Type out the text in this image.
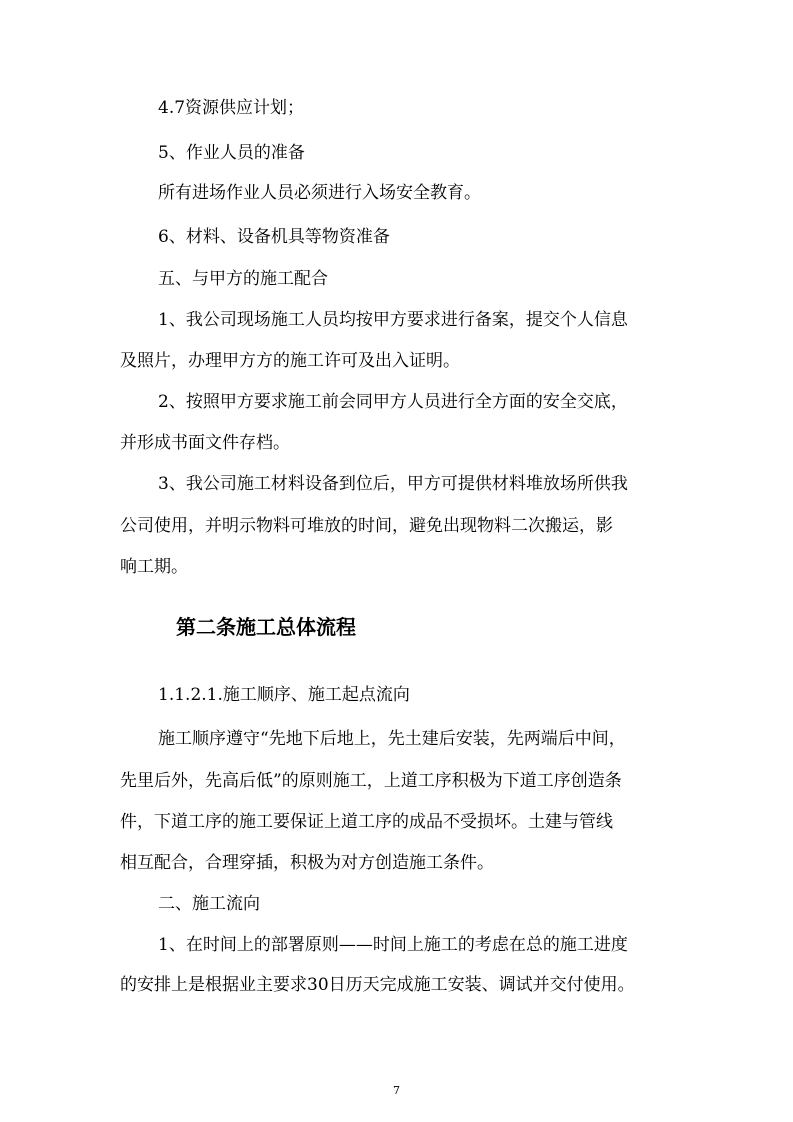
4.7资源供应计划；

5、作业人员的准备

所有进场作业人员必须进行入场安全教育。

6、材料、设备机具等物资准备

五、与甲方的施工配合

1、我公司现场施工人员均按甲方要求进行备案，提交个人信息

及照片，办理甲方方的施工许可及出入证明。

2、按照甲方要求施工前会同甲方人员进行全方面的安全交底，

并形成书面文件存档。

3、我公司施工材料设备到位后，甲方可提供材料堆放场所供我

公司使用，并明示物料可堆放的时间，避免出现物料二次搬运，影

响工期。

第二条施工总体流程

1.1.2.1.施工顺序、施工起点流向

施工顺序遵守“先地下后地上，先土建后安装，先两端后中间，

先里后外，先高后低”的原则施工，上道工序积极为下道工序创造条

件，下道工序的施工要保证上道工序的成品不受损坏。土建与管线

相互配合，合理穿插，积极为对方创造施工条件。

二、施工流向

1、在时间上的部署原则——时间上施工的考虑在总的施工进度

的安排上是根据业主要求30日历天完成施工安装、调试并交付使用。

7
